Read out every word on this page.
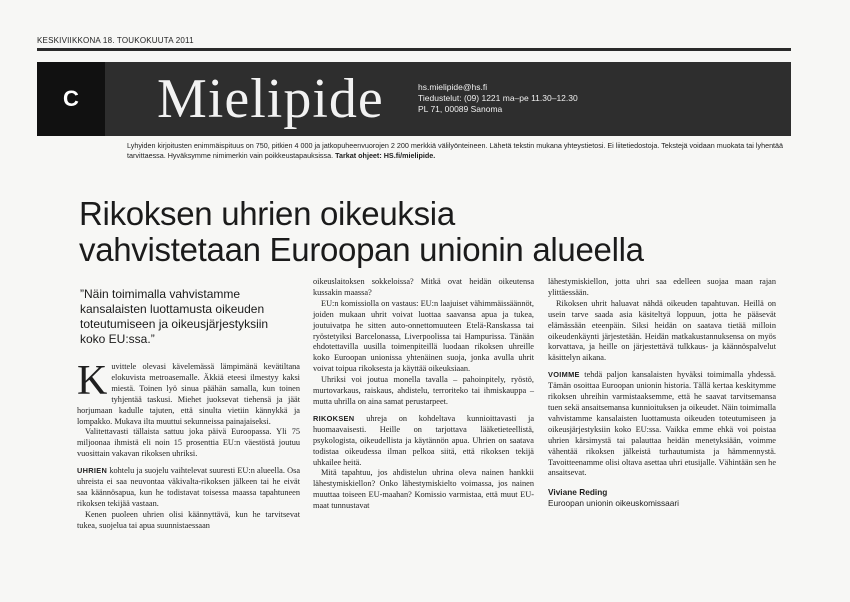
KESKIVIIKKONA 18. TOUKOKUUTA 2011
C	Mielipide	hs.mielipide@hs.fi
Tiedustelut: (09) 1221 ma–pe 11.30–12.30
PL 71, 00089 Sanoma
Lyhyiden kirjoitusten enimmäispituus on 750, pitkien 4 000 ja jatkopuheenvuorojen 2 200 merkkiä välilyönteineen. Lähetä tekstin mukana yhteystietosi. Ei liitetiedostoja. Tekstejä voidaan muokata tai lyhentää tarvittaessa. Hyväksymme nimimerkin vain poikkeustapauksissa. Tarkat ohjeet: HS.fi/mielipide.
Rikoksen uhrien oikeuksia
vahvistetaan Euroopan unionin alueella
”Näin toimimalla vahvistamme kansalaisten luottamusta oikeuden toteutumiseen ja oikeusjärjestyksiin koko EU:ssa.”

Kuvittele olevasi kävelemässä lämpimänä kevätiltana elokuvista metroasemalle. Äkkiä eteesi ilmestyy kaksi miestä. Toinen lyö sinua päähän samalla, kun toinen tyhjentää taskusi. Miehet juoksevat tiehensä ja jäät horjumaan kadulle tajuten, että sinulta vietiin kännykkä ja lompakko. Mukava ilta muuttui sekunneissa painajaiseksi.

Valitettavasti tällaista sattuu joka päivä Euroopassa. Yli 75 miljoonaa ihmistä eli noin 15 prosenttia EU:n väestöstä joutuu vuosittain vakavan rikoksen uhriksi.

UHRIEN kohtelu ja suojelu vaihtelevat suuresti EU:n alueella. Osa uhreista ei saa neuvontaa väkivalta-rikoksen jälkeen tai he eivät saa käännösapua, kun he todistavat toisessa maassa tapahtuneen rikoksen tekijää vastaan.

Kenen puoleen uhrien olisi käännyttävä, kun he tarvitsevat tukea, suojelua tai apua suunnistaessaan

oikeuslaitoksen sokkeloissa? Mitkä ovat heidän oikeutensa kussakin maassa?

EU:n komissiolla on vastaus: EU:n laajuiset vähimmäissäännöt, joiden mukaan uhrit voivat luottaa saavansa apua ja tukea, joutuivatpa he sitten auto-onnettomuuteen Etelä-Ranskassa tai ryöstetyiksi Barcelonassa, Liverpoolissa tai Hampurissa. Tänään ehdotettavilla uusilla toimenpiteillä luodaan rikoksen uhreille koko Euroopan unionissa yhtenäinen suoja, jonka avulla uhrit voivat toipua rikoksesta ja käyttää oikeuksiaan.

Uhriksi voi joutua monella tavalla – pahoinpitely, ryöstö, murtovarkaus, raiskaus, ahdistelu, terroriteko tai ihmiskauppa – mutta uhrilla on aina samat perustarpeet.

RIKOKSEN uhreja on kohdeltava kunnioittavasti ja huomaavaisesti. Heille on tarjottava lääketieteellistä, psykologista, oikeudellista ja käytännön apua. Uhrien on saatava todistaa oikeudessa ilman pelkoa siitä, että rikoksen tekijä uhkailee heitä.

Mitä tapahtuu, jos ahdistelun uhrina oleva nainen hankkii lähestymiskiellon? Onko lähestymiskielto voimassa, jos nainen muuttaa toiseen EU-maahan? Komissio varmistaa, että muut EU-maat tunnustavat

lähestymiskiellon, jotta uhri saa edelleen suojaa maan rajan ylittäessään.

Rikoksen uhrit haluavat nähdä oikeuden tapahtuvan. Heillä on usein tarve saada asia käsiteltyä loppuun, jotta he pääsevät elämässään eteenpäin. Siksi heidän on saatava tietää milloin oikeudenkäynti järjestetään. Heidän matkakustannuksensa on myös korvattava, ja heille on järjestettävä tulkkaus- ja käännöspalvelut käsittelyn aikana.

VOIMME tehdä paljon kansalaisten hyväksi toimimalla yhdessä. Tämän osoittaa Euroopan unionin historia. Tällä kertaa keskitymme rikoksen uhreihin varmistaaksemme, että he saavat tarvitsemansa tuen sekä ansaitsemansa kunnioituksen ja oikeudet. Näin toimimalla vahvistamme kansalaisten luottamusta oikeuden toteutumiseen ja oikeusjärjestyksiin koko EU:ssa. Vaikka emme ehkä voi poistaa uhrien kärsimystä tai palauttaa heidän menetyksiään, voimme vähentää rikoksen jälkeistä turhautumista ja hämmennystä. Tavoitteenamme olisi oltava asettaa uhri etusijalle. Vähintään sen he ansaitsevat.

Viviane Reding
Euroopan unionin oikeuskomissaari
